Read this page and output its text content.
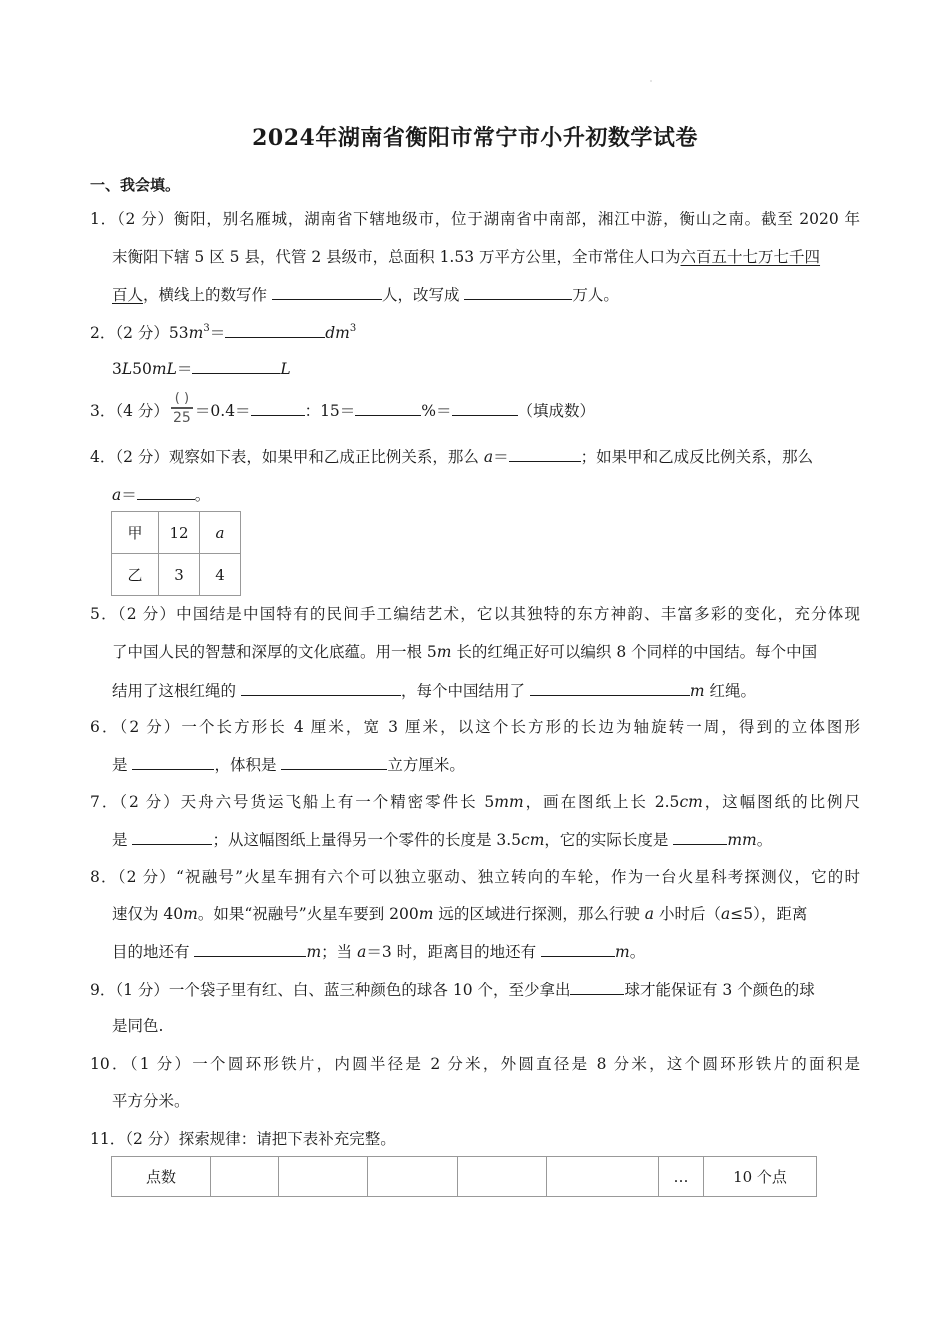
2024年湖南省衡阳市常宁市小升初数学试卷

一、我会填。

1．（2 分）衡阳，别名雁城，湖南省下辖地级市，位于湖南省中南部，湘江中游，衡山之南。截至 2020 年

末衡阳下辖 5 区 5 县，代管 2 县级市，总面积 1.53 万平方公里，全市常住人口为六百五十七万七千四

百人，横线上的数写作	人，改写成	万人。

2．（2 分）$53m^3=$	$dm^3$

3L50mL＝	L

3．（4 分） $\frac{( )}{25} =0.4=$	：15＝	%＝	（填成数）

4．（2 分）观察如下表，如果甲和乙成正比例关系，那么 a＝	；如果甲和乙成反比例关系，那么

a＝	。

甲	12	a
乙	3	4

5．（2 分）中国结是中国特有的民间手工编结艺术，它以其独特的东方神韵、丰富多彩的变化，充分体现

了中国人民的智慧和深厚的文化底蕴。用一根 5m 长的红绳正好可以编织 8 个同样的中国结。每个中国

结用了这根红绳的	，每个中国结用了	m 红绳。

6．（2 分）一个长方形长 4 厘米，宽 3 厘米，以这个长方形的长边为轴旋转一周，得到的立体图形

是	，体积是	立方厘米。

7．（2 分）天舟六号货运飞船上有一个精密零件长 5mm，画在图纸上长 2.5cm，这幅图纸的比例尺

是	；从这幅图纸上量得另一个零件的长度是 3.5cm，它的实际长度是	mm。

8．（2 分）“祝融号”火星车拥有六个可以独立驱动、独立转向的车轮，作为一台火星科考探测仪，它的时

速仅为 40m。如果“祝融号”火星车要到 200m 远的区域进行探测，那么行驶 a 小时后（a≤5），距离

目的地还有	m；当 a＝3 时，距离目的地还有	m。

9．（1 分）一个袋子里有红、白、蓝三种颜色的球各 10 个，至少拿出	球才能保证有 3 个颜色的球

是同色.

10．（1 分）一个圆环形铁片，内圆半径是 2 分米，外圆直径是 8 分米，这个圆环形铁片的面积是

平方分米。

11．（2 分）探索规律：请把下表补充完整。

点数						…	10 个点
